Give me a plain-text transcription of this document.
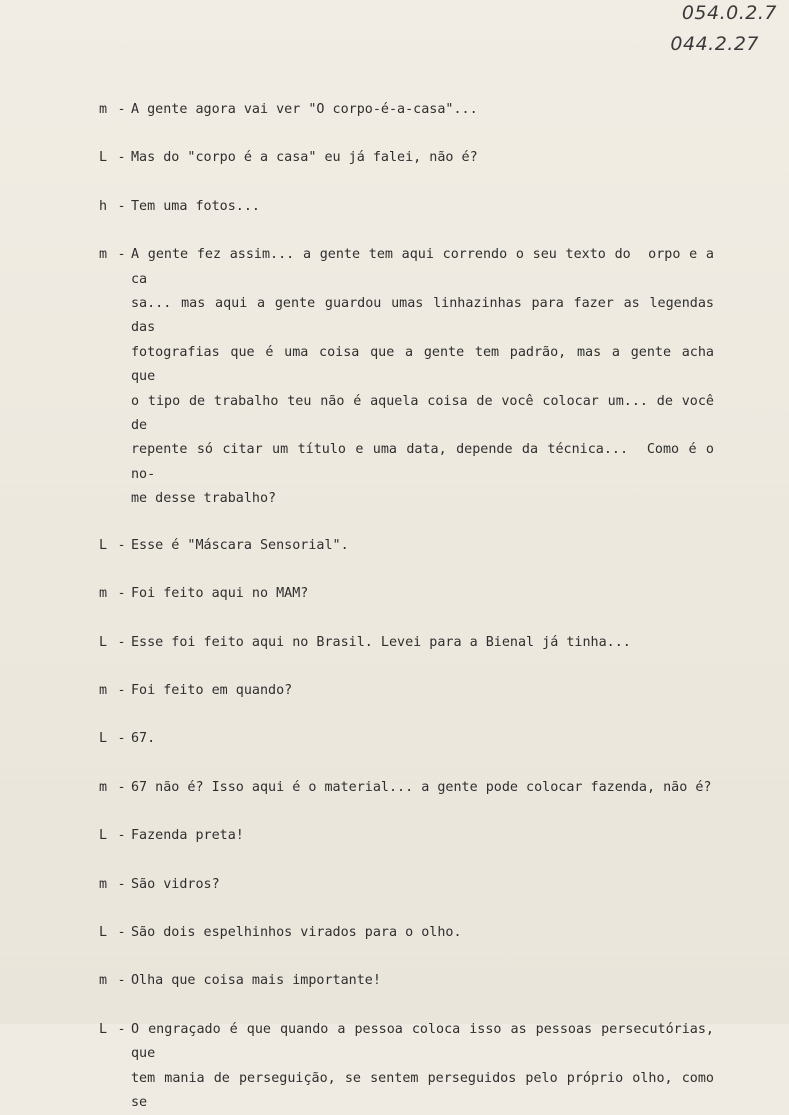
054.0.2.7
044.2.27
m - A gente agora vai ver "O corpo-é-a-casa"...
L - Mas do "corpo é a casa" eu já falei, não é?
h - Tem uma fotos...
m - A gente fez assim... a gente tem aqui correndo o seu texto do  orpo e a ca
sa... mas aqui a gente guardou umas linhazinhas para fazer as legendas das
fotografias que é uma coisa que a gente tem padrão, mas a gente acha   que
o tipo de trabalho teu não é aquela coisa de você colocar um... de você de
repente só citar um título e uma data, depende da técnica...  Como é o no-
me desse trabalho?
L - Esse é "Máscara Sensorial".
m - Foi feito aqui no MAM?
L - Esse foi feito aqui no Brasil. Levei para a Bienal já tinha...
m - Foi feito em quando?
L - 67.
m - 67 não é? Isso aqui é o material... a gente pode colocar fazenda, não é?
L - Fazenda preta!
m - São vidros?
L - São dois espelhinhos virados para o olho.
m - Olha que coisa mais importante!
L - O engraçado é que quando a pessoa coloca isso as pessoas persecutórias, que
tem mania de perseguição, se sentem perseguidos pelo próprio olho, como    se
